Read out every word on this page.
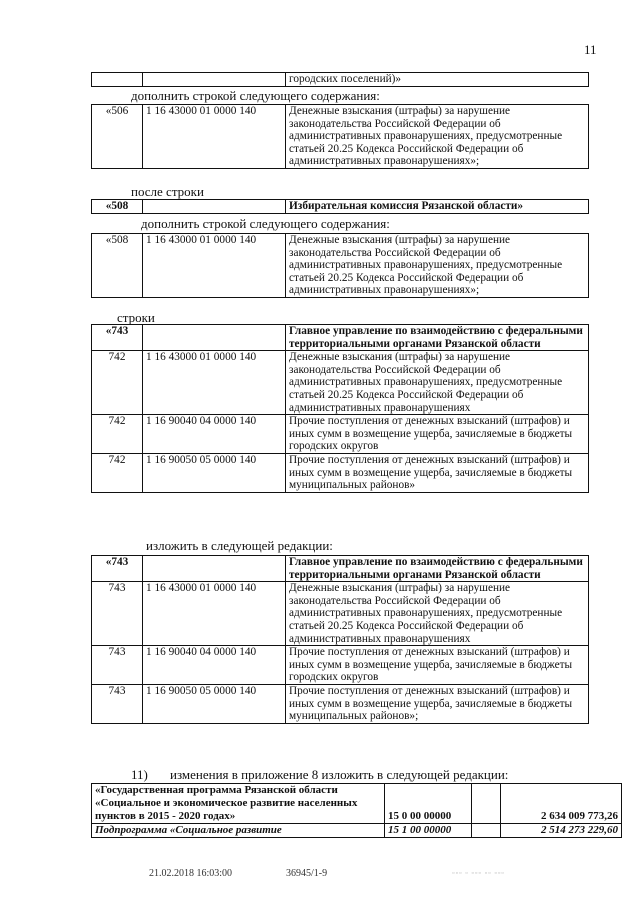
11
		городских поселений)»
дополнить строкой следующего содержания:
«506	1 16 43000 01 0000 140	Денежные взыскания (штрафы) за нарушение законодательства Российской Федерации об административных правонарушениях, предусмотренные статьей 20.25 Кодекса Российской Федерации об административных правонарушениях»;
после строки
«508		Избирательная комиссия Рязанской области»
дополнить строкой следующего содержания:
«508	1 16 43000 01 0000 140	Денежные взыскания (штрафы) за нарушение законодательства Российской Федерации об административных правонарушениях, предусмотренные статьей 20.25 Кодекса Российской Федерации об административных правонарушениях»;
строки
«743		Главное управление по взаимодействию с федеральными территориальными органами Рязанской области
742	1 16 43000 01 0000 140	Денежные взыскания (штрафы) за нарушение законодательства Российской Федерации об административных правонарушениях, предусмотренные статьей 20.25 Кодекса Российской Федерации об административных правонарушениях
742	1 16 90040 04 0000 140	Прочие поступления от денежных взысканий (штрафов) и иных сумм в возмещение ущерба, зачисляемые в бюджеты городских округов
742	1 16 90050 05 0000 140	Прочие поступления от денежных взысканий (штрафов) и иных сумм в возмещение ущерба, зачисляемые в бюджеты муниципальных районов»
изложить в следующей редакции:
«743		Главное управление по взаимодействию с федеральными территориальными органами Рязанской области
743	1 16 43000 01 0000 140	Денежные взыскания (штрафы) за нарушение законодательства Российской Федерации об административных правонарушениях, предусмотренные статьей 20.25 Кодекса Российской Федерации об административных правонарушениях
743	1 16 90040 04 0000 140	Прочие поступления от денежных взысканий (штрафов) и иных сумм в возмещение ущерба, зачисляемые в бюджеты городских округов
743	1 16 90050 05 0000 140	Прочие поступления от денежных взысканий (штрафов) и иных сумм в возмещение ущерба, зачисляемые в бюджеты муниципальных районов»;
11) изменения в приложение 8 изложить в следующей редакции:
«Государственная программа Рязанской области «Социальное и экономическое развитие населенных пунктов в 2015 - 2020 годах»	15 0 00 00000		2 634 009 773,26
Подпрограмма «Социальное развитие	15 1 00 00000		2 514 273 229,60
21.02.2018 16:03:00	36945/1-9	▫▫▫ ▫ ▫▫▫ ▫▫ ▫▫▫
